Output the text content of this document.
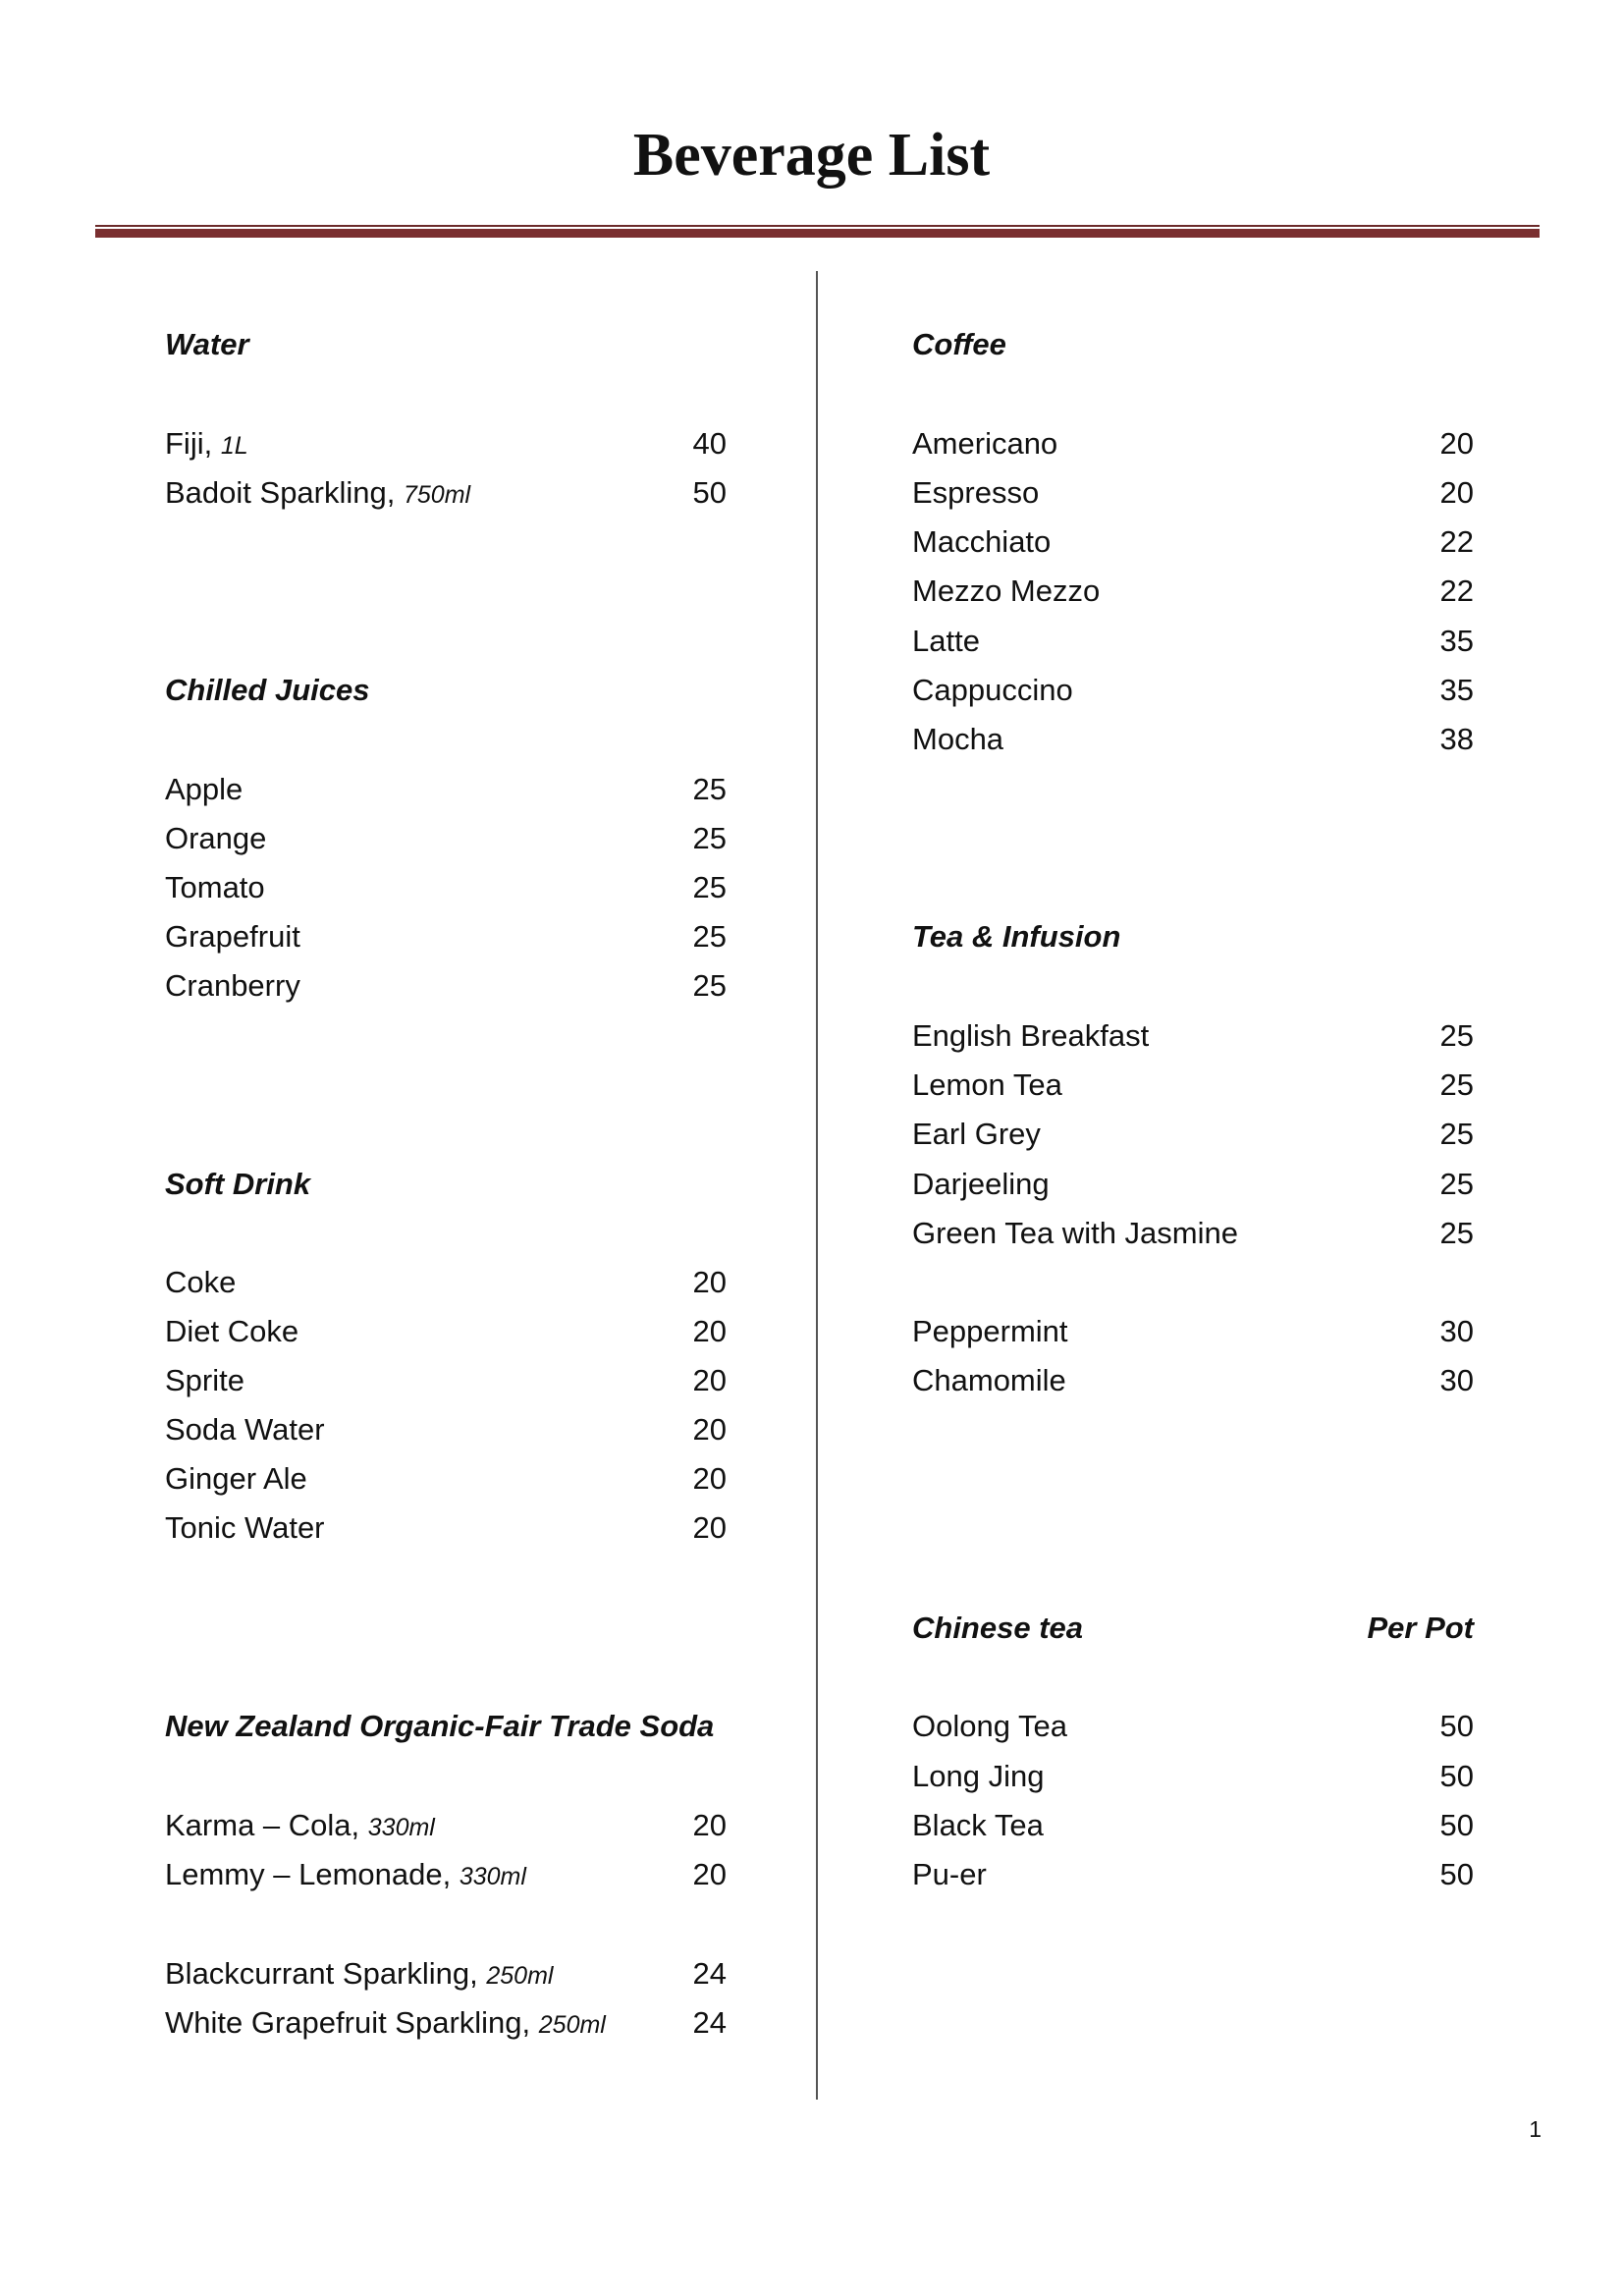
Beverage List
Water
Fiji, 1L	40
Badoit Sparkling, 750ml	50
Chilled Juices
Apple	25
Orange	25
Tomato	25
Grapefruit	25
Cranberry	25
Soft Drink
Coke	20
Diet Coke	20
Sprite	20
Soda Water	20
Ginger Ale	20
Tonic Water	20
New Zealand Organic-Fair Trade Soda
Karma – Cola, 330ml	20
Lemmy – Lemonade, 330ml	20
Blackcurrant Sparkling, 250ml	24
White Grapefruit Sparkling, 250ml	24
Coffee
Americano	20
Espresso	20
Macchiato	22
Mezzo Mezzo	22
Latte	35
Cappuccino	35
Mocha	38
Tea & Infusion
English Breakfast	25
Lemon Tea	25
Earl Grey	25
Darjeeling	25
Green Tea with Jasmine	25
Peppermint	30
Chamomile	30
Chinese tea	Per Pot
Oolong Tea	50
Long Jing	50
Black Tea	50
Pu-er	50
1
